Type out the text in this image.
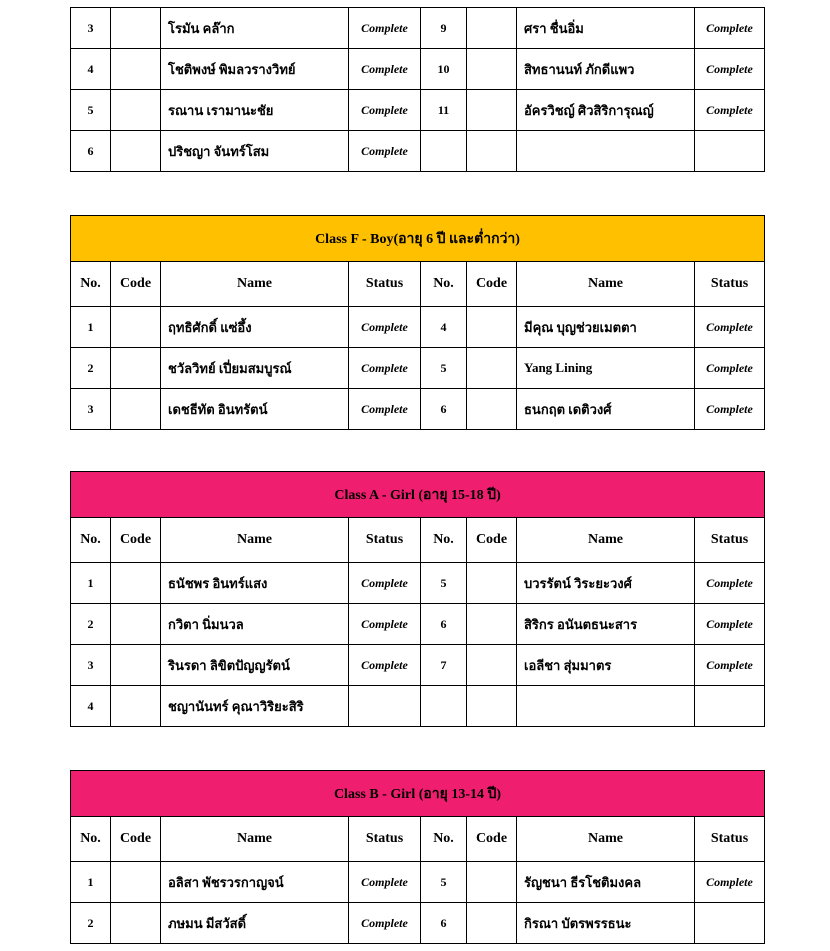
3		โรมัน คล๊าก	Complete	9		ศรา ชื่นอิ่ม	Complete
4		โชติพงษ์ พิมลวรางวิทย์	Complete	10		สิทธานนท์ ภักดีแพว	Complete
5		รณาน เรามานะชัย	Complete	11		อัครวิชญ์ ศิวสิริการุณญ์	Complete
6		ปริชญา จันทร์โสม	Complete				
Class F - Boy(อายุ 6 ปี และต่ำกว่า)							
No.	Code	Name	Status	No.	Code	Name	Status
1		ฤทธิศักดิ์ แซ่อึ้ง	Complete	4		มีคุณ บุญช่วยเมตตา	Complete
2		ชวัลวิทย์ เปี่ยมสมบูรณ์	Complete	5		Yang Lining	Complete
3		เดชธีทัต อินทรัตน์	Complete	6		ธนกฤต เดติวงศ์	Complete
Class A - Girl (อายุ 15-18 ปี)							
No.	Code	Name	Status	No.	Code	Name	Status
1		ธนัชพร อินทร์แสง	Complete	5		บวรรัตน์ วิระยะวงศ์	Complete
2		กวิตา นิ่มนวล	Complete	6		สิริกร อนันตธนะสาร	Complete
3		รินรดา ลิขิตปัญญรัตน์	Complete	7		เอลีชา สุ่มมาตร	Complete
4		ชญานันทร์ คุณาวิริยะสิริ					
Class B - Girl (อายุ 13-14 ปี)							
No.	Code	Name	Status	No.	Code	Name	Status
1		อลิสา พัชรวรกาญจน์	Complete	5		รัญชนา ธีรโชติมงคล	Complete
2		ภษมน มีสวัสดิ์	Complete	6		กิรณา บัตรพรรธนะ	
